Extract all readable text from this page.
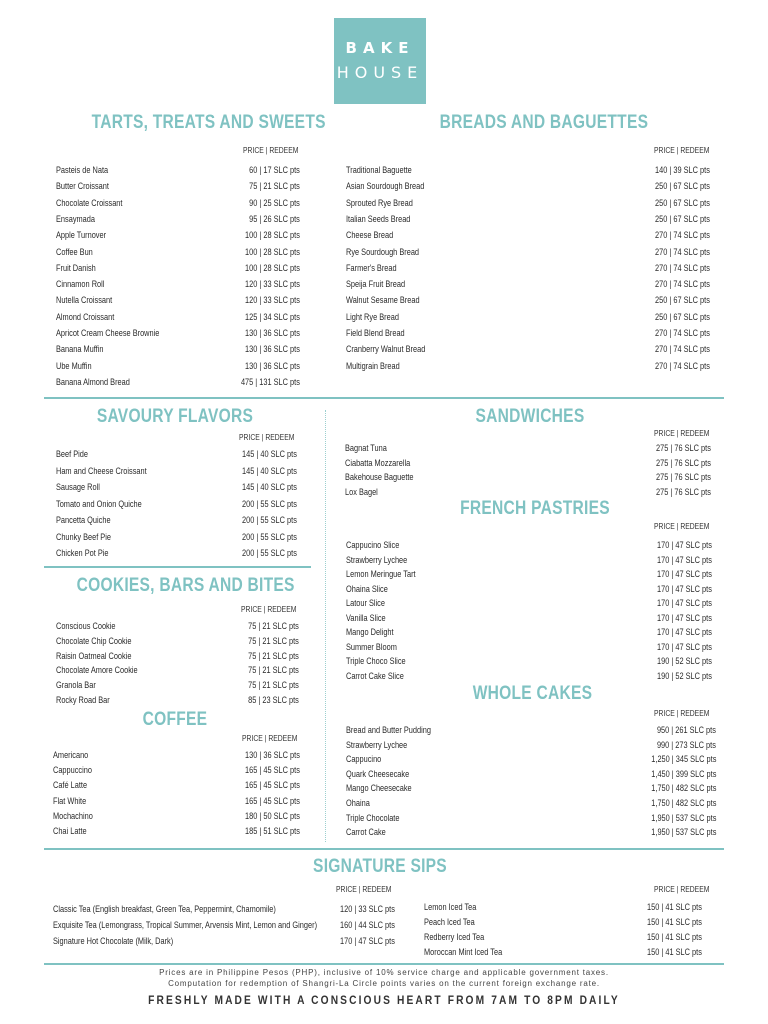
BAKE
HOUSE
TARTS, TREATS AND SWEETS	BREADS AND BAGUETTES
SAVOURY FLAVORS	SANDWICHES
COOKIES, BARS AND BITES
FRENCH PASTRIES
COFFEE
WHOLE CAKES
SIGNATURE SIPS
PRICE | REDEEM	PRICE | REDEEM
PRICE | REDEEM	PRICE | REDEEM
PRICE | REDEEM
PRICE | REDEEM
PRICE | REDEEM
PRICE | REDEEM
PRICE | REDEEM	PRICE | REDEEM
Prices are in Philippine Pesos (PHP), inclusive of 10% service charge and applicable government taxes.
Computation for redemption of Shangri-La Circle points varies on the current foreign exchange rate.
FRESHLY MADE WITH A CONSCIOUS HEART FROM 7AM TO 8PM DAILY
Pasteis de Nata	60 | 17 SLC pts
Butter Croissant	75 | 21 SLC pts
Chocolate Croissant	90 | 25 SLC pts
Ensaymada	95 | 26 SLC pts
Apple Turnover	100 | 28 SLC pts
Coffee Bun	100 | 28 SLC pts
Fruit Danish	100 | 28 SLC pts
Cinnamon Roll	120 | 33 SLC pts
Nutella Croissant	120 | 33 SLC pts
Almond Croissant	125 | 34 SLC pts
Apricot Cream Cheese Brownie	130 | 36 SLC pts
Banana Muffin	130 | 36 SLC pts
Ube Muffin	130 | 36 SLC pts
Banana Almond Bread	475 | 131 SLC pts
Traditional Baguette	140 | 39 SLC pts
Asian Sourdough Bread	250 | 67 SLC pts
Sprouted Rye Bread	250 | 67 SLC pts
Italian Seeds Bread	250 | 67 SLC pts
Cheese Bread	270 | 74 SLC pts
Rye Sourdough Bread	270 | 74 SLC pts
Farmer's Bread	270 | 74 SLC pts
Speija Fruit Bread	270 | 74 SLC pts
Walnut Sesame Bread	250 | 67 SLC pts
Light Rye Bread	250 | 67 SLC pts
Field Blend Bread	270 | 74 SLC pts
Cranberry Walnut Bread	270 | 74 SLC pts
Multigrain Bread	270 | 74 SLC pts
Beef Pide	145 | 40 SLC pts
Ham and Cheese Croissant	145 | 40 SLC pts
Sausage Roll	145 | 40 SLC pts
Tomato and Onion Quiche	200 | 55 SLC pts
Pancetta Quiche	200 | 55 SLC pts
Chunky Beef Pie	200 | 55 SLC pts
Chicken Pot Pie	200 | 55 SLC pts
Bagnat Tuna	275 | 76 SLC pts
Ciabatta Mozzarella	275 | 76 SLC pts
Bakehouse Baguette	275 | 76 SLC pts
Lox Bagel	275 | 76 SLC pts
Conscious Cookie	75 | 21 SLC pts
Chocolate Chip Cookie	75 | 21 SLC pts
Raisin Oatmeal Cookie	75 | 21 SLC pts
Chocolate Amore Cookie	75 | 21 SLC pts
Granola Bar	75 | 21 SLC pts
Rocky Road Bar	85 | 23 SLC pts
Cappucino Slice	170 | 47 SLC pts
Strawberry Lychee	170 | 47 SLC pts
Lemon Meringue Tart	170 | 47 SLC pts
Ohaina Slice	170 | 47 SLC pts
Latour Slice	170 | 47 SLC pts
Vanilla Slice	170 | 47 SLC pts
Mango Delight	170 | 47 SLC pts
Summer Bloom	170 | 47 SLC pts
Triple Choco Slice	190 | 52 SLC pts
Carrot Cake Slice	190 | 52 SLC pts
Americano	130 | 36 SLC pts
Cappuccino	165 | 45 SLC pts
Café Latte	165 | 45 SLC pts
Flat White	165 | 45 SLC pts
Mochachino	180 | 50 SLC pts
Chai Latte	185 | 51 SLC pts
Bread and Butter Pudding	950 | 261 SLC pts
Strawberry Lychee	990 | 273 SLC pts
Cappucino	1,250 | 345 SLC pts
Quark Cheesecake	1,450 | 399 SLC pts
Mango Cheesecake	1,750 | 482 SLC pts
Ohaina	1,750 | 482 SLC pts
Triple Chocolate	1,950 | 537 SLC pts
Carrot Cake	1,950 | 537 SLC pts
Classic Tea (English breakfast, Green Tea, Peppermint, Chamomile)	120 | 33 SLC pts
Exquisite Tea (Lemongrass, Tropical Summer, Arvensis Mint, Lemon and Ginger)	160 | 44 SLC pts
Signature Hot Chocolate (Milk, Dark)	170 | 47 SLC pts
Lemon Iced Tea	150 | 41 SLC pts
Peach Iced Tea	150 | 41 SLC pts
Redberry Iced Tea	150 | 41 SLC pts
Moroccan Mint Iced Tea	150 | 41 SLC pts
